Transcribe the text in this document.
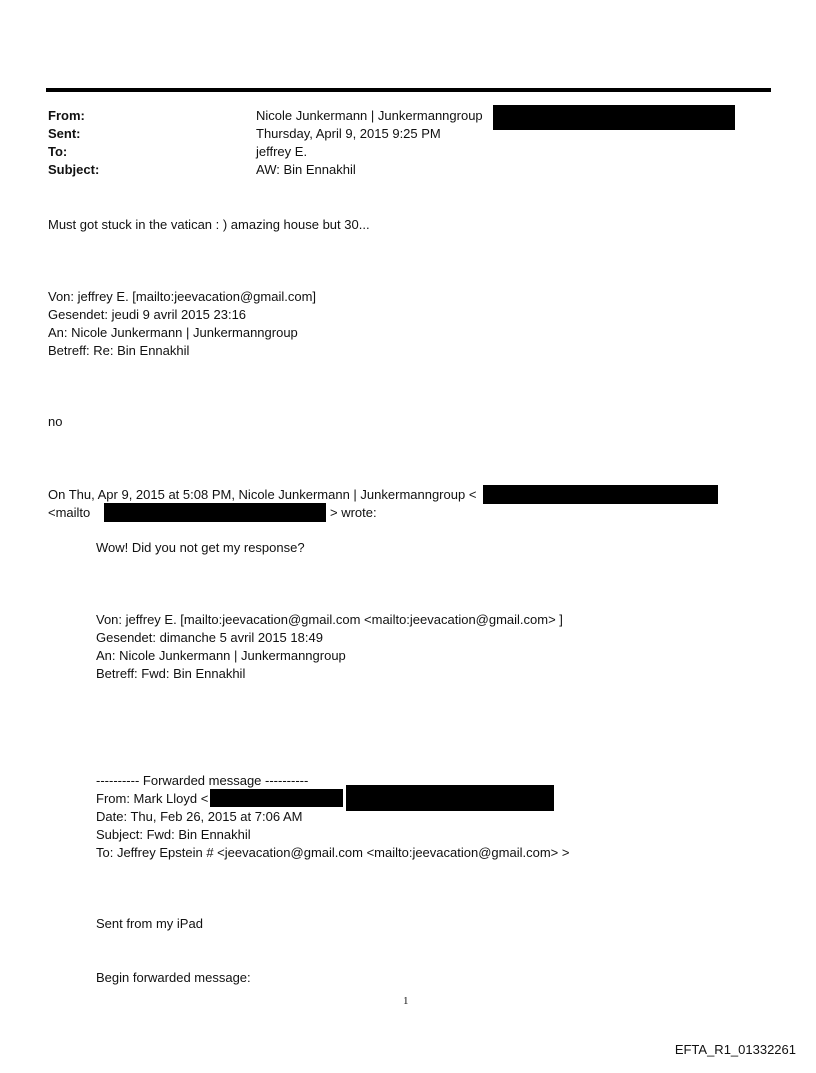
From:	Nicole Junkermann | Junkermanngroup
Sent:	Thursday, April 9, 2015 9:25 PM
To:	jeffrey E.
Subject:	AW: Bin Ennakhil
Must got stuck in the vatican : ) amazing house but 30...
Von: jeffrey E. [mailto:jeevacation@gmail.com]
Gesendet: jeudi 9 avril 2015 23:16
An: Nicole Junkermann | Junkermanngroup
Betreff: Re: Bin Ennakhil
no
On Thu, Apr 9, 2015 at 5:08 PM, Nicole Junkermann | Junkermanngroup <
<mailto	> wrote:
Wow! Did you not get my response?
Von: jeffrey E. [mailto:jeevacation@gmail.com <mailto:jeevacation@gmail.com> ]
Gesendet: dimanche 5 avril 2015 18:49
An: Nicole Junkermann | Junkermanngroup
Betreff: Fwd: Bin Ennakhil
---------- Forwarded message ----------
From: Mark Lloyd <
Date: Thu, Feb 26, 2015 at 7:06 AM
Subject: Fwd: Bin Ennakhil
To: Jeffrey Epstein # <jeevacation@gmail.com <mailto:jeevacation@gmail.com> >
Sent from my iPad
Begin forwarded message:
1
EFTA_R1_01332261
